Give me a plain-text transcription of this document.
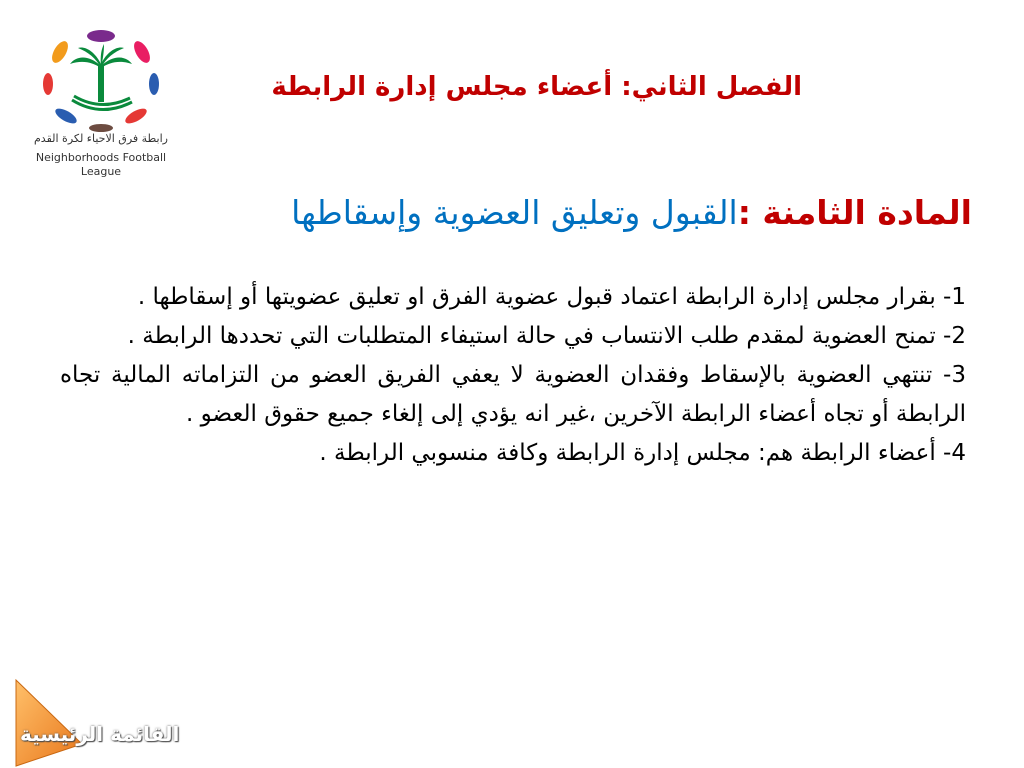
رابطة فرق الاحياء لكرة القدم
Neighborhoods Football
League
الفصل الثاني: أعضاء مجلس إدارة الرابطة
المادة الثامنة :القبول وتعليق العضوية وإسقاطها

1- بقرار مجلس إدارة الرابطة اعتماد قبول عضوية الفرق او تعليق عضويتها أو إسقاطها .

2- تمنح العضوية لمقدم طلب الانتساب في حالة استيفاء المتطلبات التي تحددها الرابطة .

3- تنتهي العضوية بالإسقاط وفقدان العضوية لا يعفي الفريق العضو من التزاماته المالية تجاه الرابطة أو تجاه أعضاء الرابطة الآخرين ،غير انه يؤدي إلى إلغاء جميع حقوق العضو .

4- أعضاء الرابطة هم: مجلس إدارة الرابطة وكافة منسوبي الرابطة .

القائمة الرئيسية
